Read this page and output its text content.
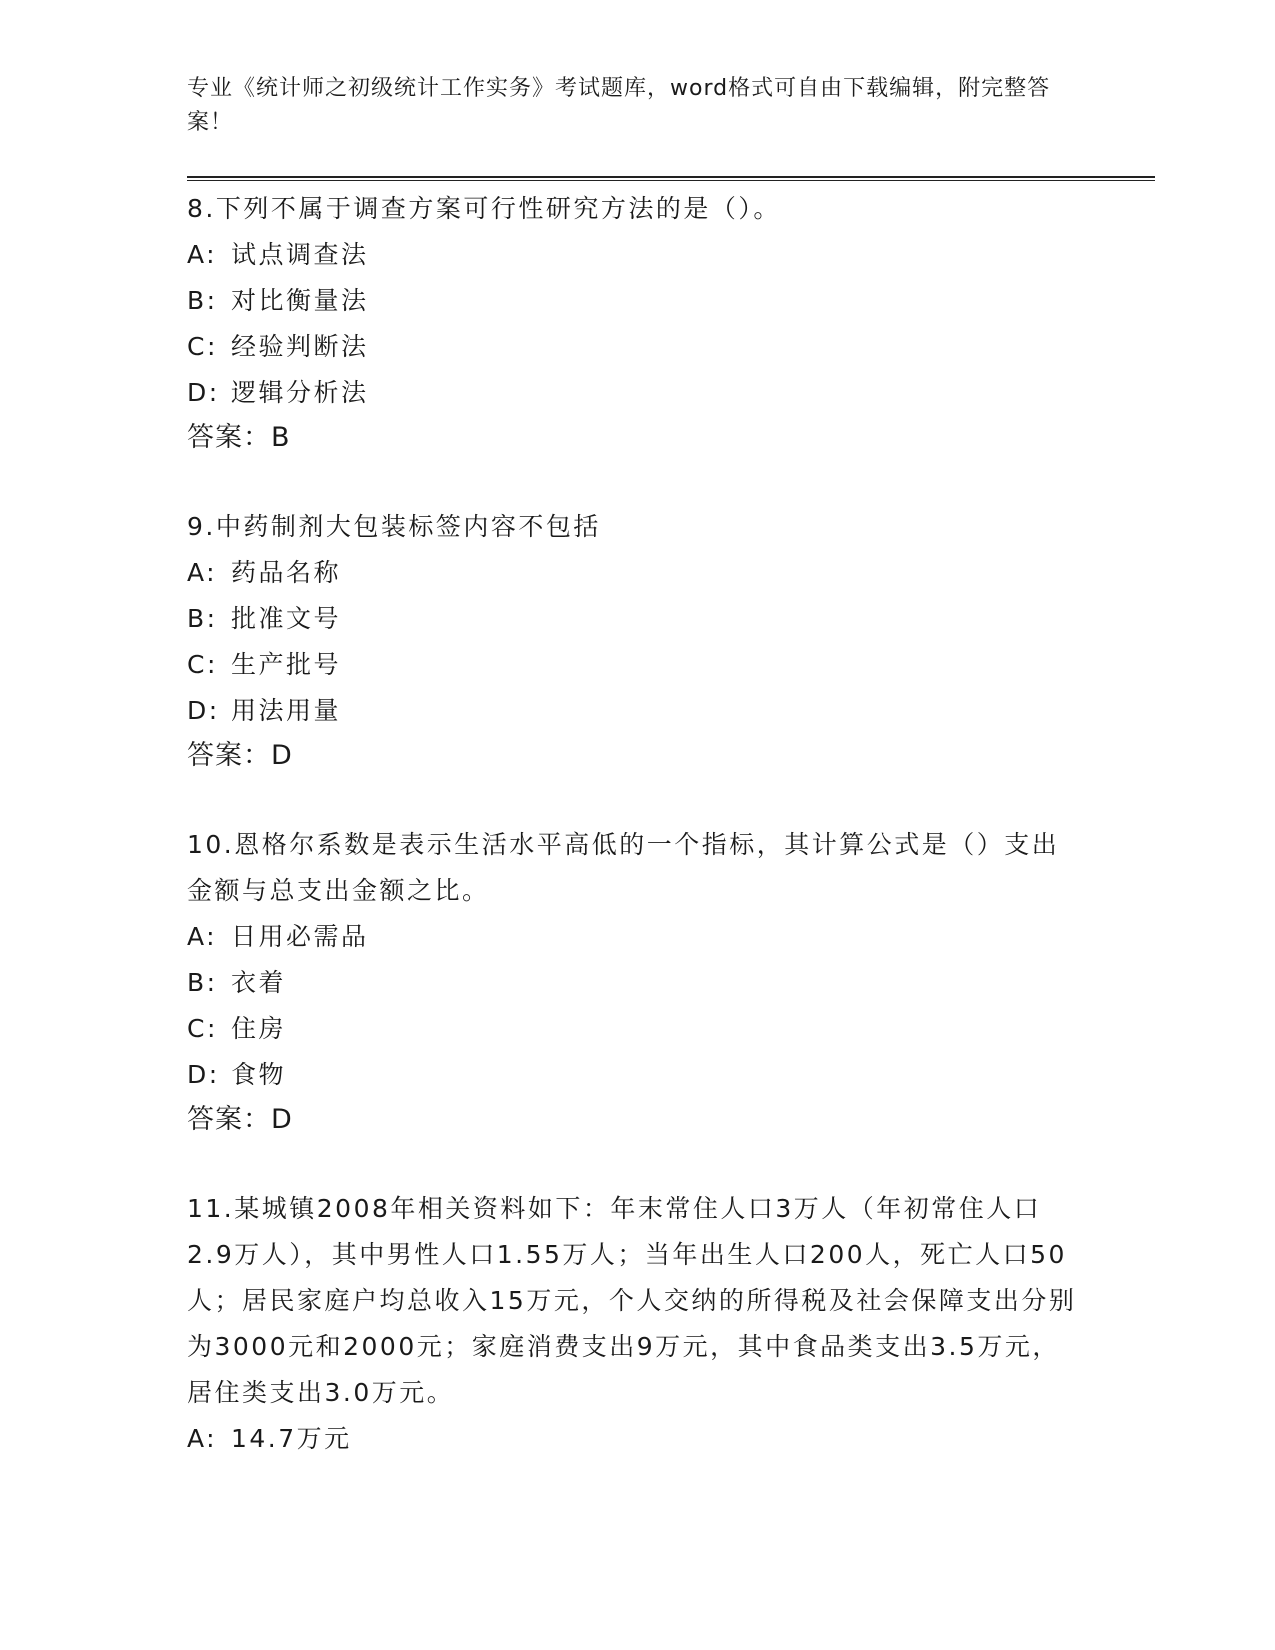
专业《统计师之初级统计工作实务》考试题库，word格式可自由下载编辑，附完整答案！

8.下列不属于调查方案可行性研究方法的是（）。

A: 试点调查法

B: 对比衡量法

C: 经验判断法

D: 逻辑分析法

答案：B

9.中药制剂大包装标签内容不包括

A: 药品名称

B: 批准文号

C: 生产批号

D: 用法用量

答案：D

10.恩格尔系数是表示生活水平高低的一个指标，其计算公式是（）支出金额与总支出金额之比。

A: 日用必需品

B: 衣着

C: 住房

D: 食物

答案：D

11.某城镇2008年相关资料如下：年末常住人口3万人（年初常住人口2.9万人），其中男性人口1.55万人；当年出生人口200人，死亡人口50人；居民家庭户均总收入15万元，个人交纳的所得税及社会保障支出分别为3000元和2000元；家庭消费支出9万元，其中食品类支出3.5万元，居住类支出3.0万元。

A: 14.7万元
